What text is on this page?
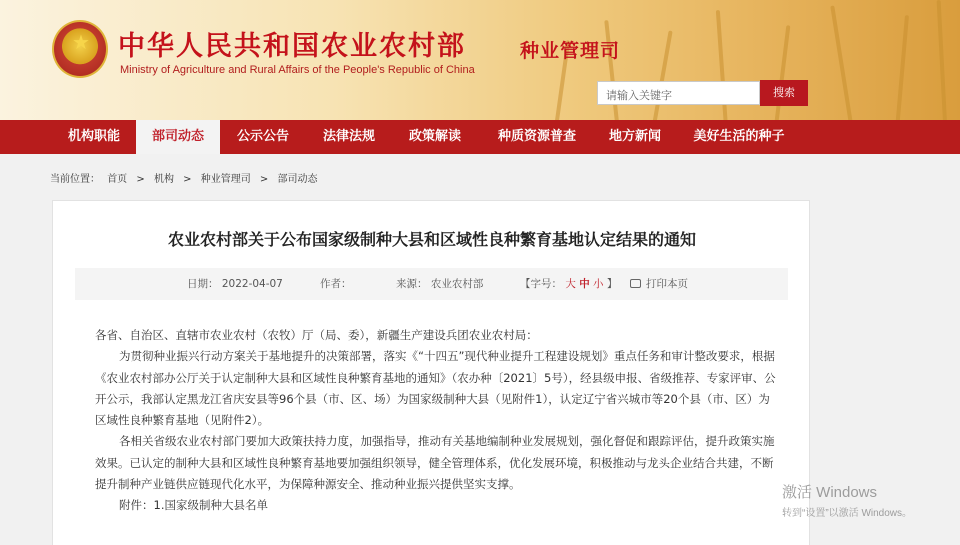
★ 中华人民共和国农业农村部
Ministry of Agriculture and Rural Affairs of the People's Republic of China
种业管理司
请输入关键字	搜索
机构职能	部司动态	公示公告	法律法规	政策解读	种质资源普查	地方新闻	美好生活的种子
当前位置： 首页 > 机构 > 种业管理司 > 部司动态
农业农村部关于公布国家级制种大县和区域性良种繁育基地认定结果的通知
日期： 2022-04-07	作者：	来源： 农业农村部	【字号： 大 中 小 】	打印本页

各省、自治区、直辖市农业农村（农牧）厅（局、委），新疆生产建设兵团农业农村局：

为贯彻种业振兴行动方案关于基地提升的决策部署，落实《“十四五”现代种业提升工程建设规划》重点任务和审计整改要求，根据《农业农村部办公厅关于认定制种大县和区域性良种繁育基地的通知》（农办种〔2021〕5号），经县级申报、省级推荐、专家评审、公开公示，我部认定黑龙江省庆安县等96个县（市、区、场）为国家级制种大县（见附件1），认定辽宁省兴城市等20个县（市、区）为区域性良种繁育基地（见附件2）。

各相关省级农业农村部门要加大政策扶持力度，加强指导，推动有关基地编制种业发展规划，强化督促和跟踪评估，提升政策实施效果。已认定的制种大县和区域性良种繁育基地要加强组织领导，健全管理体系，优化发展环境，积极推动与龙头企业结合共建，不断提升制种产业链供应链现代化水平，为保障种源安全、推动种业振兴提供坚实支撑。

附件：1.国家级制种大县名单

激活 Windows
转到“设置”以激活 Windows。
